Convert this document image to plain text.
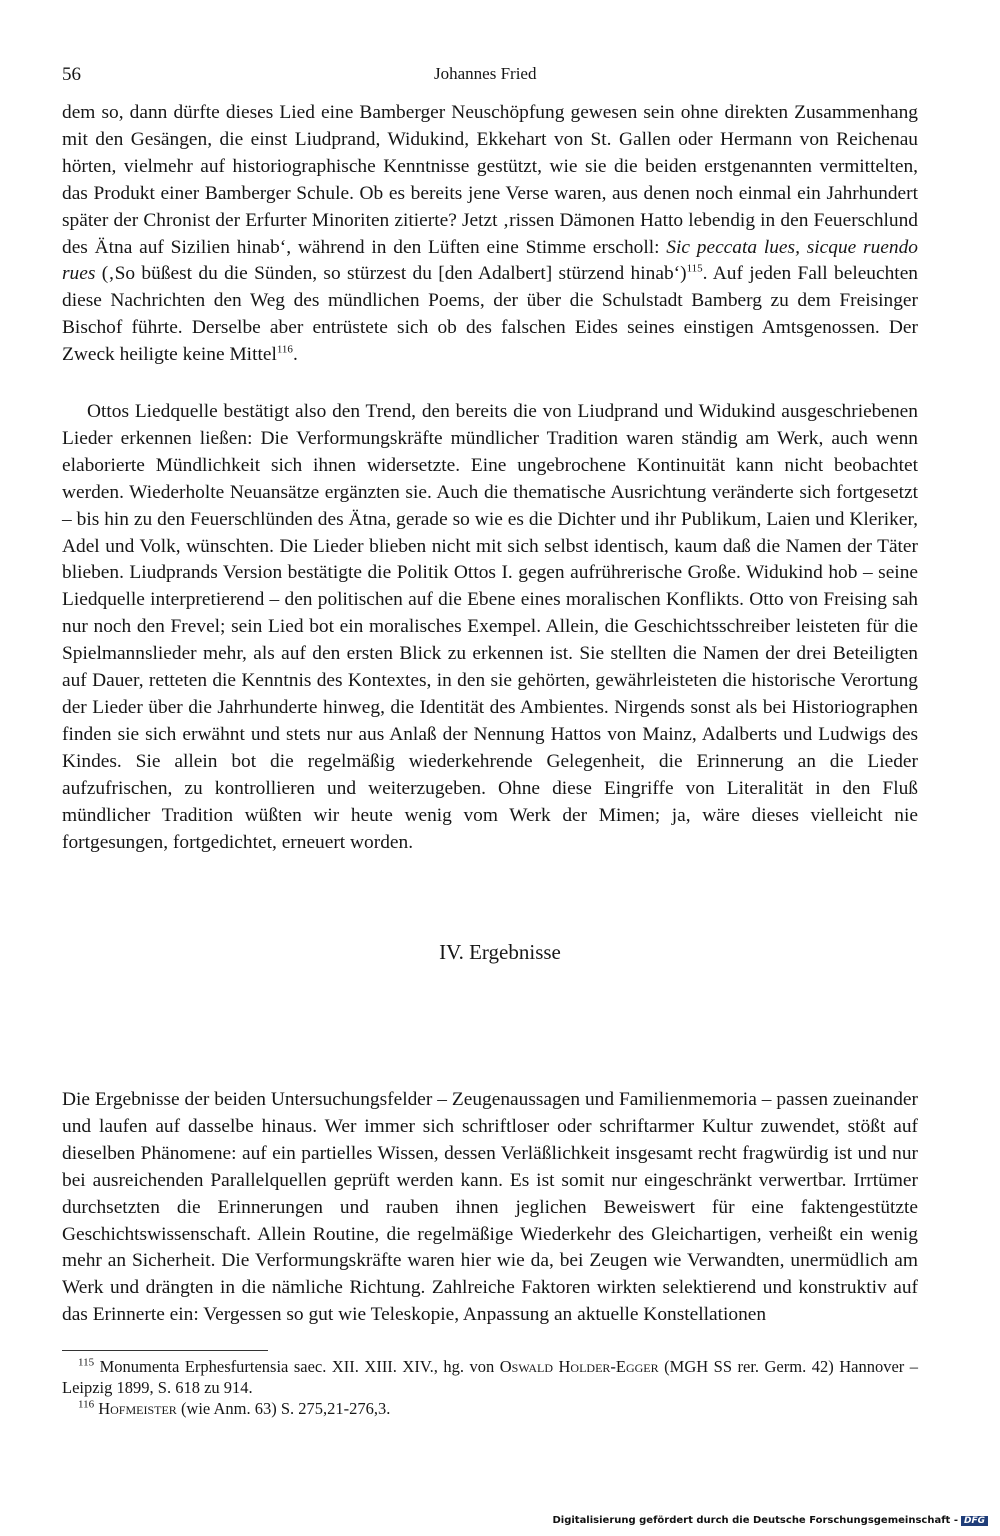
56	Johannes Fried

dem so, dann dürfte dieses Lied eine Bamberger Neuschöpfung gewesen sein ohne direkten Zusammenhang mit den Gesängen, die einst Liudprand, Widukind, Ekkehart von St. Gallen oder Hermann von Reichenau hörten, vielmehr auf historiographische Kenntnisse gestützt, wie sie die beiden erstgenannten vermittelten, das Produkt einer Bamberger Schule. Ob es bereits jene Verse waren, aus denen noch einmal ein Jahrhundert später der Chronist der Erfurter Minoriten zitierte? Jetzt ‚rissen Dämonen Hatto lebendig in den Feuerschlund des Ätna auf Sizilien hinab‘, während in den Lüften eine Stimme erscholl: Sic peccata lues, sicque ruendo rues (‚So büßest du die Sünden, so stürzest du [den Adalbert] stürzend hinab‘)$^{115}$. Auf jeden Fall beleuchten diese Nachrichten den Weg des mündlichen Poems, der über die Schulstadt Bamberg zu dem Freisinger Bischof führte. Derselbe aber entrüstete sich ob des falschen Eides seines einstigen Amtsgenossen. Der Zweck heiligte keine Mittel$^{116}$.

Ottos Liedquelle bestätigt also den Trend, den bereits die von Liudprand und Widukind ausgeschriebenen Lieder erkennen ließen: Die Verformungskräfte mündlicher Tradition waren ständig am Werk, auch wenn elaborierte Mündlichkeit sich ihnen widersetzte. Eine ungebrochene Kontinuität kann nicht beobachtet werden. Wiederholte Neuansätze ergänzten sie. Auch die thematische Ausrichtung veränderte sich fortgesetzt – bis hin zu den Feuerschlünden des Ätna, gerade so wie es die Dichter und ihr Publikum, Laien und Kleriker, Adel und Volk, wünschten. Die Lieder blieben nicht mit sich selbst identisch, kaum daß die Namen der Täter blieben. Liudprands Version bestätigte die Politik Ottos I. gegen aufrührerische Große. Widukind hob – seine Liedquelle interpretierend – den politischen auf die Ebene eines moralischen Konflikts. Otto von Freising sah nur noch den Frevel; sein Lied bot ein moralisches Exempel. Allein, die Geschichtsschreiber leisteten für die Spielmannslieder mehr, als auf den ersten Blick zu erkennen ist. Sie stellten die Namen der drei Beteiligten auf Dauer, retteten die Kenntnis des Kontextes, in den sie gehörten, gewährleisteten die historische Verortung der Lieder über die Jahrhunderte hinweg, die Identität des Ambientes. Nirgends sonst als bei Historiographen finden sie sich erwähnt und stets nur aus Anlaß der Nennung Hattos von Mainz, Adalberts und Ludwigs des Kindes. Sie allein bot die regelmäßig wiederkehrende Gelegenheit, die Erinnerung an die Lieder aufzufrischen, zu kontrollieren und weiterzugeben. Ohne diese Eingriffe von Literalität in den Fluß mündlicher Tradition wüßten wir heute wenig vom Werk der Mimen; ja, wäre dieses vielleicht nie fortgesungen, fortgedichtet, erneuert worden.

IV. Ergebnisse

Die Ergebnisse der beiden Untersuchungsfelder – Zeugenaussagen und Familienmemoria – passen zueinander und laufen auf dasselbe hinaus. Wer immer sich schriftloser oder schriftarmer Kultur zuwendet, stößt auf dieselben Phänomene: auf ein partielles Wissen, dessen Verläßlichkeit insgesamt recht fragwürdig ist und nur bei ausreichenden Parallelquellen geprüft werden kann. Es ist somit nur eingeschränkt verwertbar. Irrtümer durchsetzten die Erinnerungen und rauben ihnen jeglichen Beweiswert für eine faktengestützte Geschichtswissenschaft. Allein Routine, die regelmäßige Wiederkehr des Gleichartigen, verheißt ein wenig mehr an Sicherheit. Die Verformungskräfte waren hier wie da, bei Zeugen wie Verwandten, unermüdlich am Werk und drängten in die nämliche Richtung. Zahlreiche Faktoren wirkten selektierend und konstruktiv auf das Erinnerte ein: Vergessen so gut wie Teleskopie, Anpassung an aktuelle Konstellationen

$^{115}$ Monumenta Erphesfurtensia saec. XII. XIII. XIV., hg. von Oswald Holder-Egger (MGH SS rer. Germ. 42) Hannover – Leipzig 1899, S. 618 zu 914.

$^{116}$ Hofmeister (wie Anm. 63) S. 275,21-276,3.

Digitalisierung gefördert durch die Deutsche Forschungsgemeinschaft - DFG
